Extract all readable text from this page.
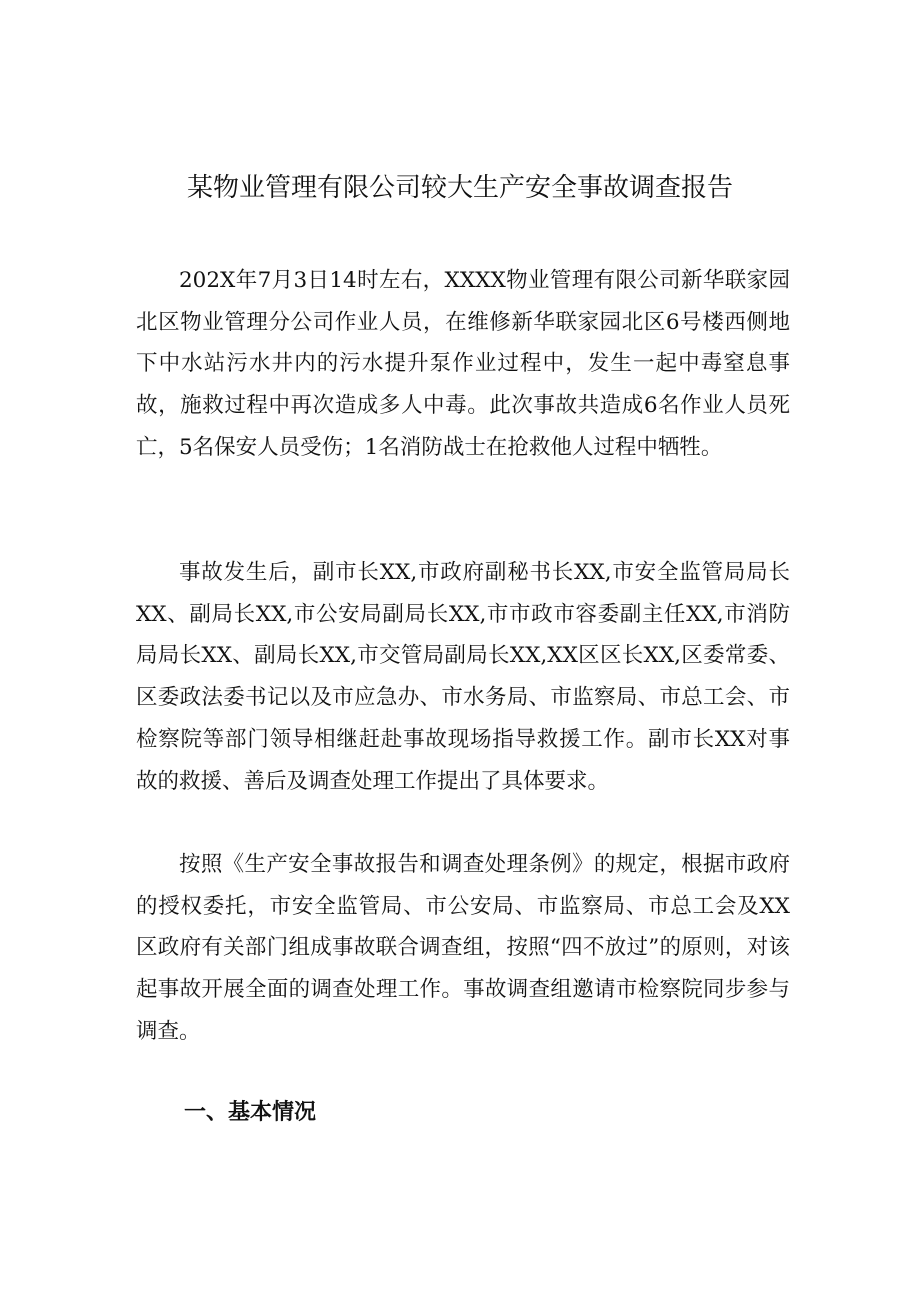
某物业管理有限公司较大生产安全事故调查报告

202X年7月3日14时左右，XXXX物业管理有限公司新华联家园北区物业管理分公司作业人员，在维修新华联家园北区6号楼西侧地下中水站污水井内的污水提升泵作业过程中，发生一起中毒窒息事故，施救过程中再次造成多人中毒。此次事故共造成6名作业人员死亡，5名保安人员受伤；1名消防战士在抢救他人过程中牺牲。

事故发生后，副市长XX,市政府副秘书长XX,市安全监管局局长XX、副局长XX,市公安局副局长XX,市市政市容委副主任XX,市消防局局长XX、副局长XX,市交管局副局长XX,XX区区长XX,区委常委、区委政法委书记以及市应急办、市水务局、市监察局、市总工会、市检察院等部门领导相继赶赴事故现场指导救援工作。副市长XX对事故的救援、善后及调查处理工作提出了具体要求。

按照《生产安全事故报告和调查处理条例》的规定，根据市政府的授权委托，市安全监管局、市公安局、市监察局、市总工会及XX区政府有关部门组成事故联合调查组，按照“四不放过”的原则，对该起事故开展全面的调查处理工作。事故调查组邀请市检察院同步参与调查。

一、基本情况
